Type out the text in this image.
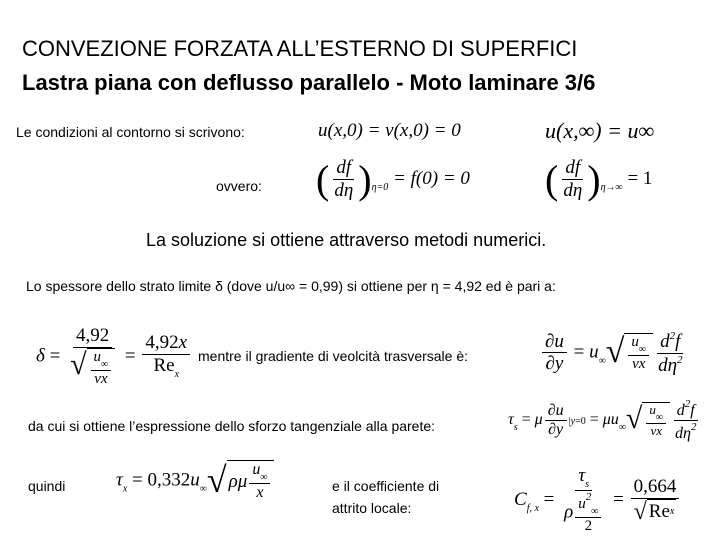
CONVEZIONE FORZATA ALL’ESTERNO DI SUPERFICI
Lastra piana con deflusso parallelo - Moto laminare 3/6
Le condizioni al contorno si scrivono:	u(x,0) = v(x,0) = 0	u(x,∞) = u∞
ovvero: ( $\frac{df}{d\eta} )_{\eta=0} = f(0) = 0$ ( $\frac{df}{d\eta} )_{\eta\to\infty} = 1$
La soluzione si ottiene attraverso metodi numerici.
Lo spessore dello strato limite δ (dove u/u∞ = 0,99) si ottiene per η = 4,92 ed è pari a:
$\delta = \frac{4,92}{√ \frac{u_\infty}{\nu x}} = \frac{4,92x}{Re_x}$ mentre il gradiente di veolcità trasversale è:	$\frac{\partial u}{\partial y} = u_\infty$ √ $\frac{u_\infty}{\nu x} \frac{d^2f}{d\eta^2}$
da cui si ottiene l’espressione dello sforzo tangenziale alla parete:	$\tau_s = \mu \frac{\partial u}{\partial y} |y=0 = \mu u_\infty$ √ $\frac{u_\infty}{\nu x} \frac{d^2f}{d\eta^2}$
quindi	$\tau_x = 0,332u_\infty$ √ ρμ $\frac{u_\infty}{x}$	e il coefficiente di
attrito locale:	$C_{f, x} = \frac{\tau_s}{\rho \frac{u^2_\infty}{2}} = \frac{0,664}{\text{√ Re x}}$
